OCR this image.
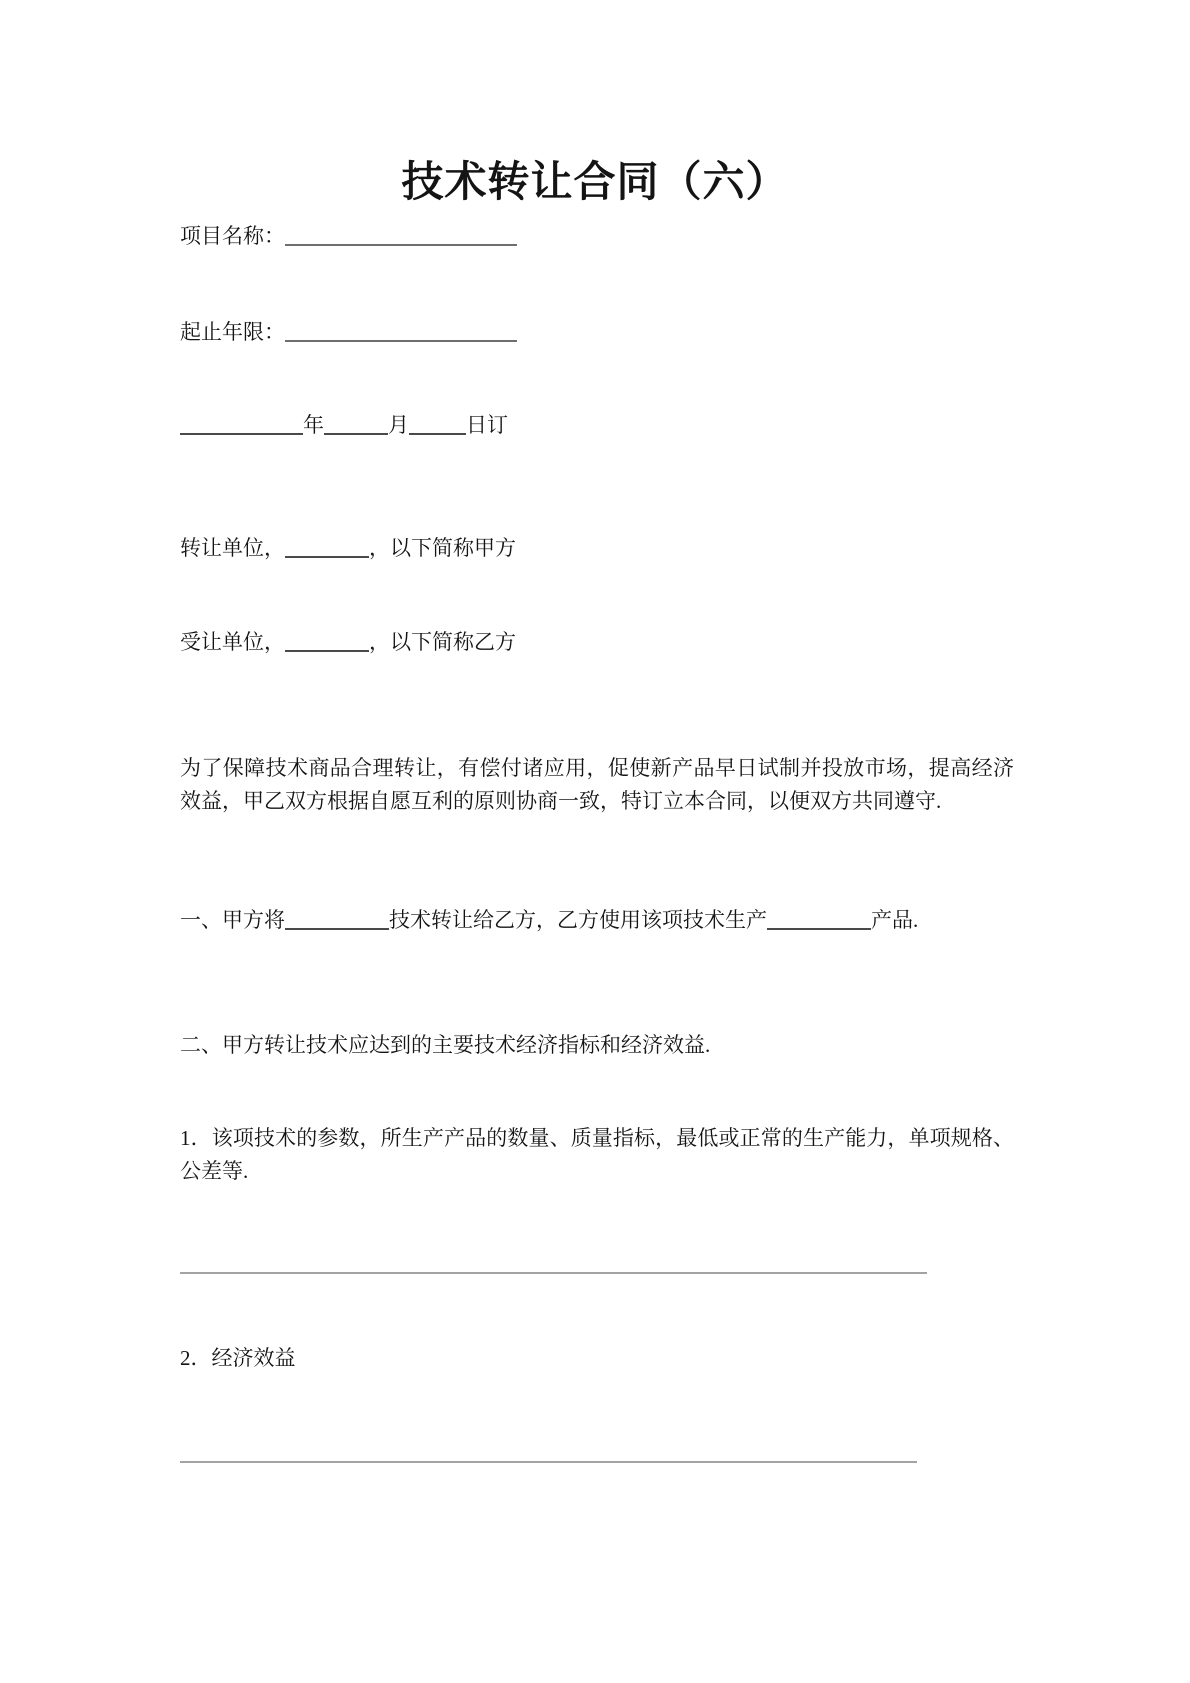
技术转让合同（六）
项目名称：
起止年限：
年	月	日订
转让单位，	，以下简称甲方
受让单位，	，以下简称乙方
为了保障技术商品合理转让，有偿付诸应用，促使新产品早日试制并投放市场，提高经济效益，甲乙双方根据自愿互利的原则协商一致，特订立本合同，以便双方共同遵守.
一、甲方将	技术转让给乙方，乙方使用该项技术生产	产品.
二、甲方转让技术应达到的主要技术经济指标和经济效益.
1．该项技术的参数，所生产产品的数量、质量指标，最低或正常的生产能力，单项规格、公差等.
2．经济效益
